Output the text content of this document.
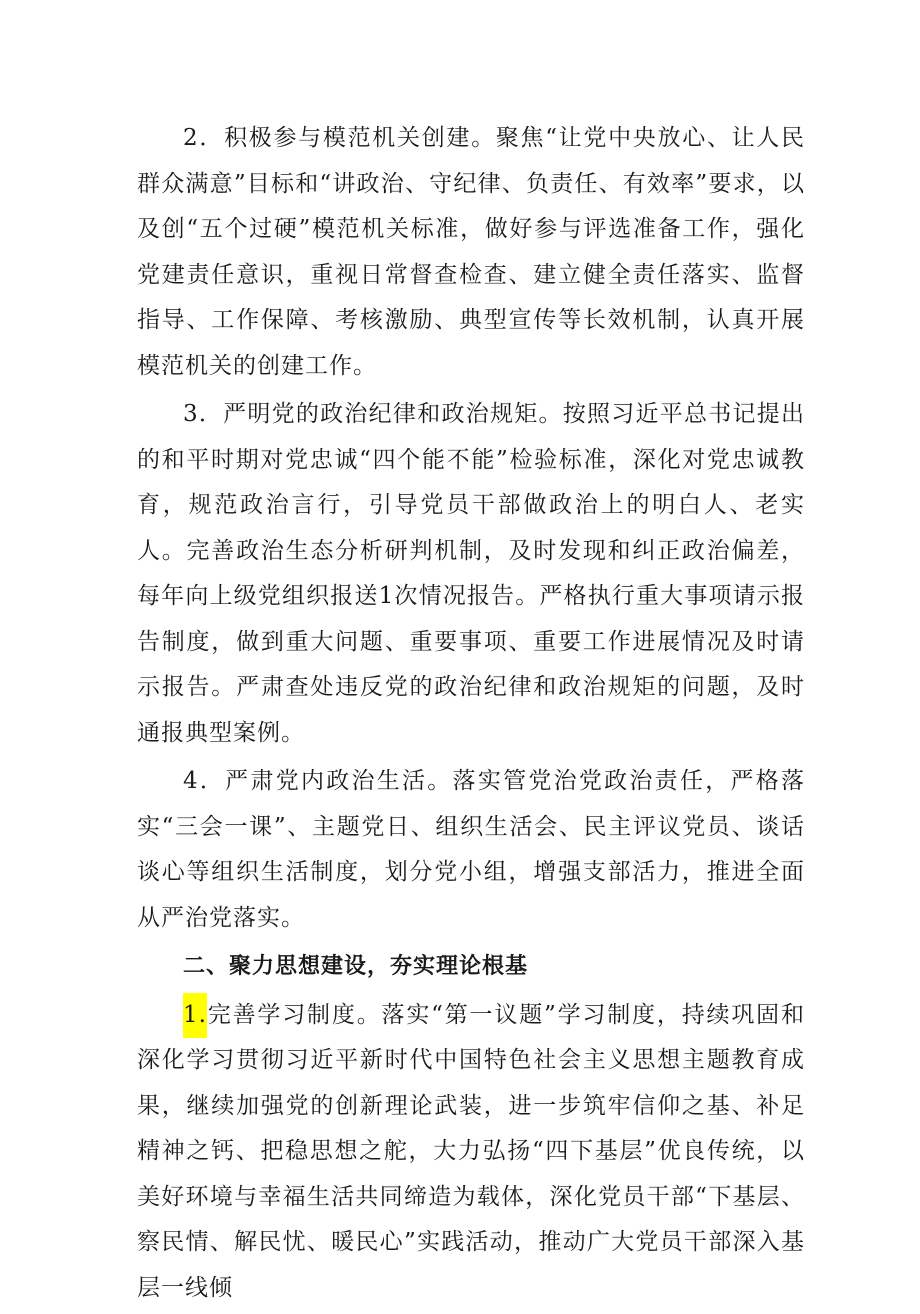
2．积极参与模范机关创建。聚焦“让党中央放心、让人民群众满意”目标和“讲政治、守纪律、负责任、有效率”要求，以及创“五个过硬”模范机关标准，做好参与评选准备工作，强化党建责任意识，重视日常督查检查、建立健全责任落实、监督指导、工作保障、考核激励、典型宣传等长效机制，认真开展模范机关的创建工作。

3．严明党的政治纪律和政治规矩。按照习近平总书记提出的和平时期对党忠诚“四个能不能”检验标准，深化对党忠诚教育，规范政治言行，引导党员干部做政治上的明白人、老实人。完善政治生态分析研判机制，及时发现和纠正政治偏差，每年向上级党组织报送1次情况报告。严格执行重大事项请示报告制度，做到重大问题、重要事项、重要工作进展情况及时请示报告。严肃查处违反党的政治纪律和政治规矩的问题，及时通报典型案例。

4．严肃党内政治生活。落实管党治党政治责任，严格落实“三会一课”、主题党日、组织生活会、民主评议党员、谈话谈心等组织生活制度，划分党小组，增强支部活力，推进全面从严治党落实。

二、聚力思想建设，夯实理论根基

1.完善学习制度。落实“第一议题”学习制度，持续巩固和深化学习贯彻习近平新时代中国特色社会主义思想主题教育成果，继续加强党的创新理论武装，进一步筑牢信仰之基、补足精神之钙、把稳思想之舵，大力弘扬“四下基层”优良传统，以美好环境与幸福生活共同缔造为载体，深化党员干部“下基层、察民情、解民忧、暖民心”实践活动，推动广大党员干部深入基层一线倾
